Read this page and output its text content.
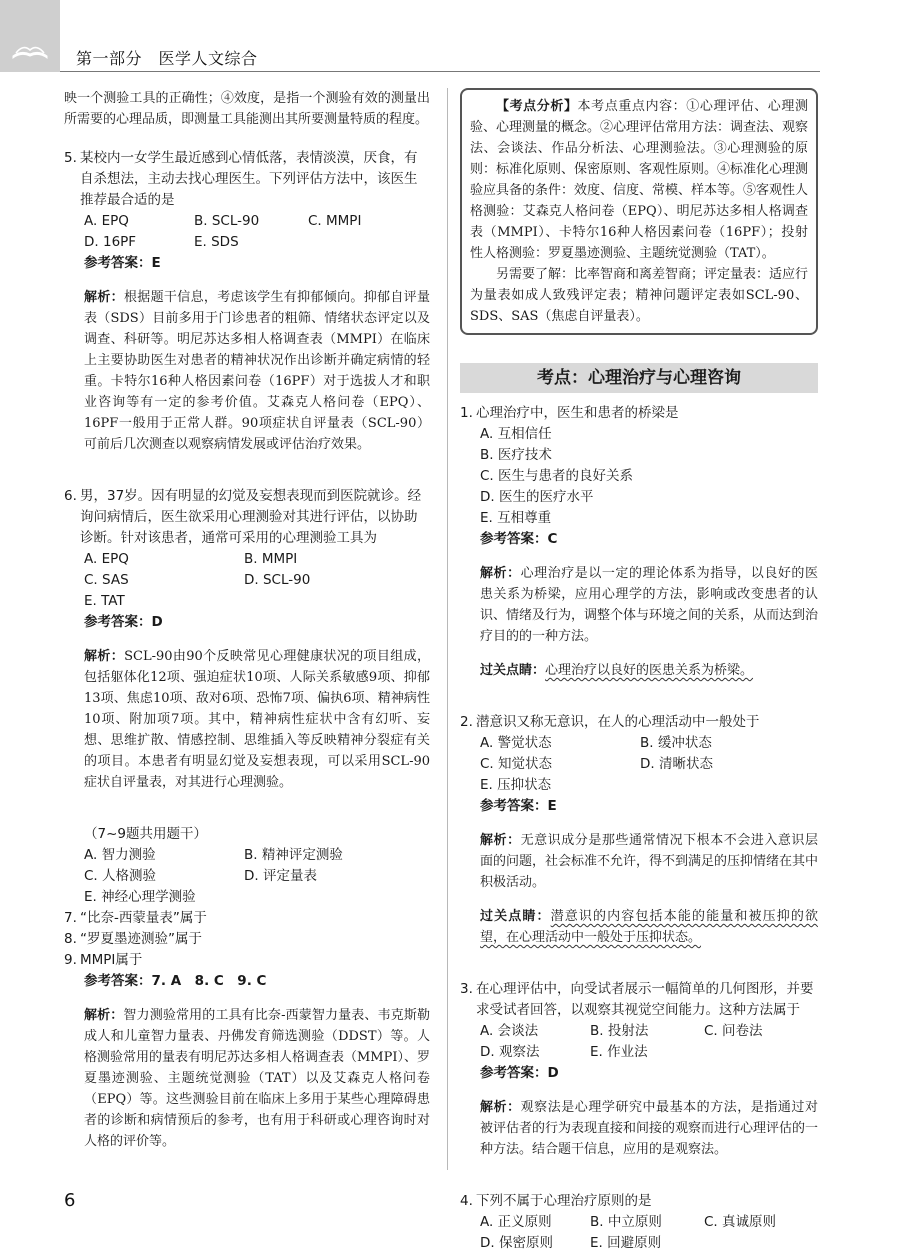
第一部分　医学人文综合

映一个测验工具的正确性；④效度，是指一个测验有效的测量出所需要的心理品质，即测量工具能测出其所要测量特质的程度。

5. 某校内一女学生最近感到心情低落，表情淡漠，厌食，有自杀想法，主动去找心理医生。下列评估方法中，该医生推荐最合适的是

A. EPQ	B. SCL-90	C. MMPI
D. 16PF	E. SDS
参考答案：E

解析：根据题干信息，考虑该学生有抑郁倾向。抑郁自评量表（SDS）目前多用于门诊患者的粗筛、情绪状态评定以及调查、科研等。明尼苏达多相人格调查表（MMPI）在临床上主要协助医生对患者的精神状况作出诊断并确定病情的轻重。卡特尔16种人格因素问卷（16PF）对于选拔人才和职业咨询等有一定的参考价值。艾森克人格问卷（EPQ）、16PF一般用于正常人群。90项症状自评量表（SCL-90）可前后几次测查以观察病情发展或评估治疗效果。

6. 男，37岁。因有明显的幻觉及妄想表现而到医院就诊。经询问病情后，医生欲采用心理测验对其进行评估，以协助诊断。针对该患者，通常可采用的心理测验工具为

A. EPQ	B. MMPI
C. SAS	D. SCL-90
E. TAT
参考答案：D

解析：SCL-90由90个反映常见心理健康状况的项目组成，包括躯体化12项、强迫症状10项、人际关系敏感9项、抑郁13项、焦虑10项、敌对6项、恐怖7项、偏执6项、精神病性10项、附加项7项。其中，精神病性症状中含有幻听、妄想、思维扩散、情感控制、思维插入等反映精神分裂症有关的项目。本患者有明显幻觉及妄想表现，可以采用SCL-90症状自评量表，对其进行心理测验。

（7~9题共用题干）
A. 智力测验	B. 精神评定测验
C. 人格测验	D. 评定量表
E. 神经心理学测验

7. “比奈-西蒙量表”属于

8. “罗夏墨迹测验”属于

9. MMPI属于

参考答案：7. A　8. C　9. C

解析：智力测验常用的工具有比奈-西蒙智力量表、韦克斯勒成人和儿童智力量表、丹佛发育筛选测验（DDST）等。人格测验常用的量表有明尼苏达多相人格调查表（MMPI）、罗夏墨迹测验、主题统觉测验（TAT）以及艾森克人格问卷（EPQ）等。这些测验目前在临床上多用于某些心理障碍患者的诊断和病情预后的参考，也有用于科研或心理咨询时对人格的评价等。

【考点分析】本考点重点内容：①心理评估、心理测验、心理测量的概念。②心理评估常用方法：调查法、观察法、会谈法、作品分析法、心理测验法。③心理测验的原则：标准化原则、保密原则、客观性原则。④标准化心理测验应具备的条件：效度、信度、常模、样本等。⑤客观性人格测验：艾森克人格问卷（EPQ）、明尼苏达多相人格调查表（MMPI）、卡特尔16种人格因素问卷（16PF）；投射性人格测验：罗夏墨迹测验、主题统觉测验（TAT）。

另需要了解：比率智商和离差智商；评定量表：适应行为量表如成人致残评定表；精神问题评定表如SCL-90、SDS、SAS（焦虑自评量表）。

考点：心理治疗与心理咨询

1. 心理治疗中，医生和患者的桥梁是

A. 互相信任
B. 医疗技术
C. 医生与患者的良好关系
D. 医生的医疗水平
E. 互相尊重
参考答案：C

解析：心理治疗是以一定的理论体系为指导，以良好的医患关系为桥梁，应用心理学的方法，影响或改变患者的认识、情绪及行为，调整个体与环境之间的关系，从而达到治疗目的的一种方法。

过关点睛：心理治疗以良好的医患关系为桥梁。

2. 潜意识又称无意识，在人的心理活动中一般处于

A. 警觉状态	B. 缓冲状态
C. 知觉状态	D. 清晰状态
E. 压抑状态
参考答案：E

解析：无意识成分是那些通常情况下根本不会进入意识层面的问题，社会标准不允许，得不到满足的压抑情绪在其中积极活动。

过关点睛：潜意识的内容包括本能的能量和被压抑的欲望，在心理活动中一般处于压抑状态。

3. 在心理评估中，向受试者展示一幅简单的几何图形，并要求受试者回答，以观察其视觉空间能力。这种方法属于

A. 会谈法	B. 投射法	C. 问卷法
D. 观察法	E. 作业法
参考答案：D

解析：观察法是心理学研究中最基本的方法，是指通过对被评估者的行为表现直接和间接的观察而进行心理评估的一种方法。结合题干信息，应用的是观察法。

4. 下列不属于心理治疗原则的是

A. 正义原则	B. 中立原则	C. 真诚原则
D. 保密原则	E. 回避原则
6
